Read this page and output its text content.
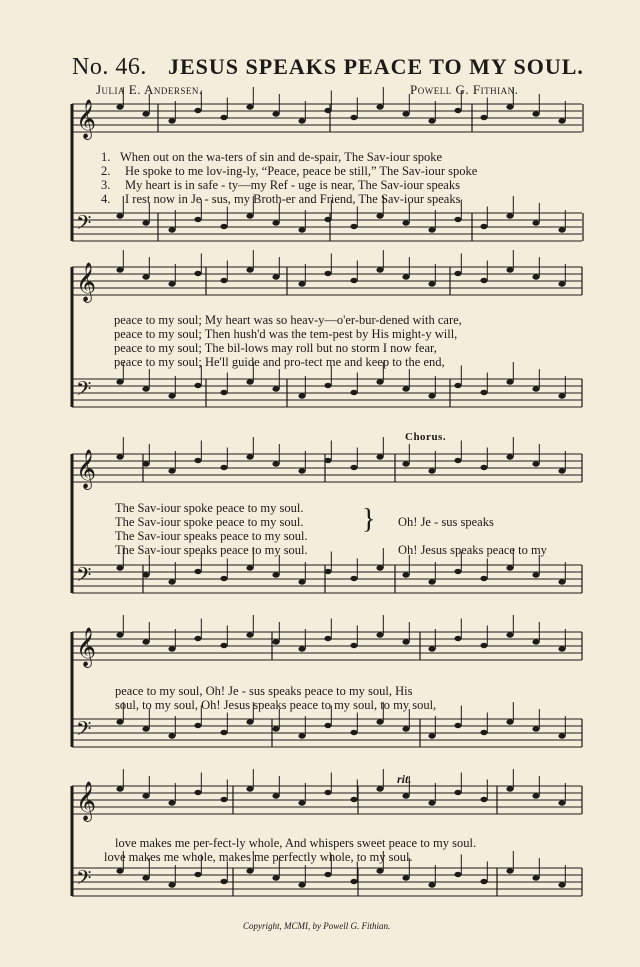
No. 46. JESUS SPEAKS PEACE TO MY SOUL.
Julia E. Andersen.	Powell G. Fithian.
𝄞
𝄢
𝄞
𝄢
𝄞
𝄢
𝄞
𝄢
𝄞
𝄢
1. When out on the wa-ters of sin and de-spair, The Sav-iour spoke
2. He spoke to me lov-ing-ly, “Peace, peace be still,” The Sav-iour spoke
3. My heart is in safe - ty—my Ref - uge is near, The Sav-iour speaks
4. I rest now in Je - sus, my Broth-er and Friend, The Sav-iour speaks
peace to my soul; My heart was so heav-y—o'er-bur-dened with care,
peace to my soul; Then hush'd was the tem-pest by His might-y will,
peace to my soul; The bil-lows may roll but no storm I now fear,
peace to my soul; He'll guide and pro-tect me and keep to the end,
Chorus.
The Sav-iour spoke peace to my soul.
The Sav-iour spoke peace to my soul.
The Sav-iour speaks peace to my soul.
The Sav-iour speaks peace to my soul.
} Oh! Je - sus speaks
Oh! Jesus speaks peace to my
peace to my soul, Oh! Je - sus speaks peace to my soul, His
soul, to my soul, Oh! Jesus speaks peace to my soul, to my soul,
rit.
love makes me per-fect-ly whole, And whispers sweet peace to my soul.
love makes me whole, makes me perfectly whole, to my soul.
Copyright, MCMI, by Powell G. Fithian.
